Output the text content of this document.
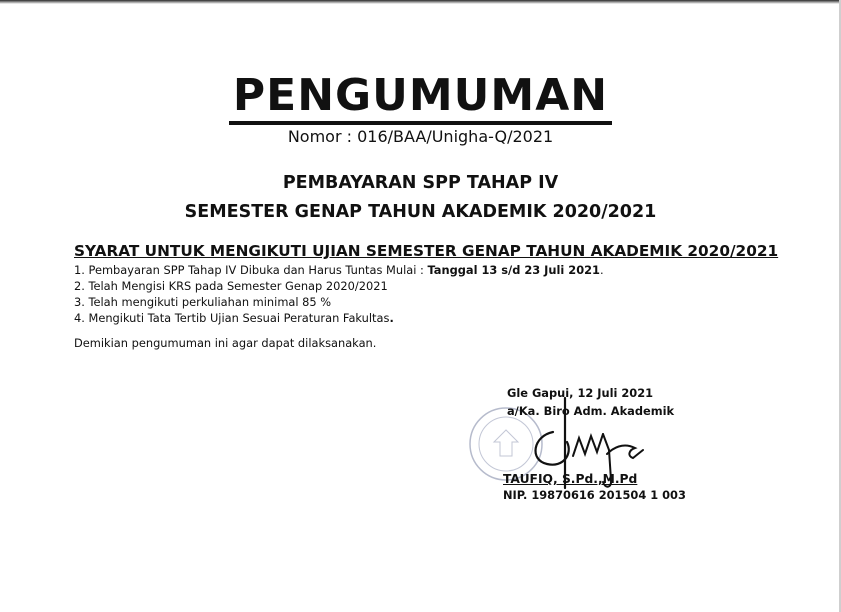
PENGUMUMAN
Nomor : 016/BAA/Unigha-Q/2021
PEMBAYARAN SPP TAHAP IV
SEMESTER GENAP TAHUN AKADEMIK 2020/2021
SYARAT UNTUK MENGIKUTI UJIAN SEMESTER GENAP TAHUN AKADEMIK 2020/2021
1. Pembayaran SPP Tahap IV Dibuka dan Harus Tuntas Mulai : Tanggal 13 s/d 23 Juli 2021.
2. Telah Mengisi KRS pada Semester Genap 2020/2021
3. Telah mengikuti perkuliahan minimal 85 %
4. Mengikuti Tata Tertib Ujian Sesuai Peraturan Fakultas.
Demikian pengumuman ini agar dapat dilaksanakan.
Gle Gapui, 12 Juli 2021
a/Ka. Biro Adm. Akademik
TAUFIQ, S.Pd.,M.Pd
NIP. 19870616 201504 1 003
